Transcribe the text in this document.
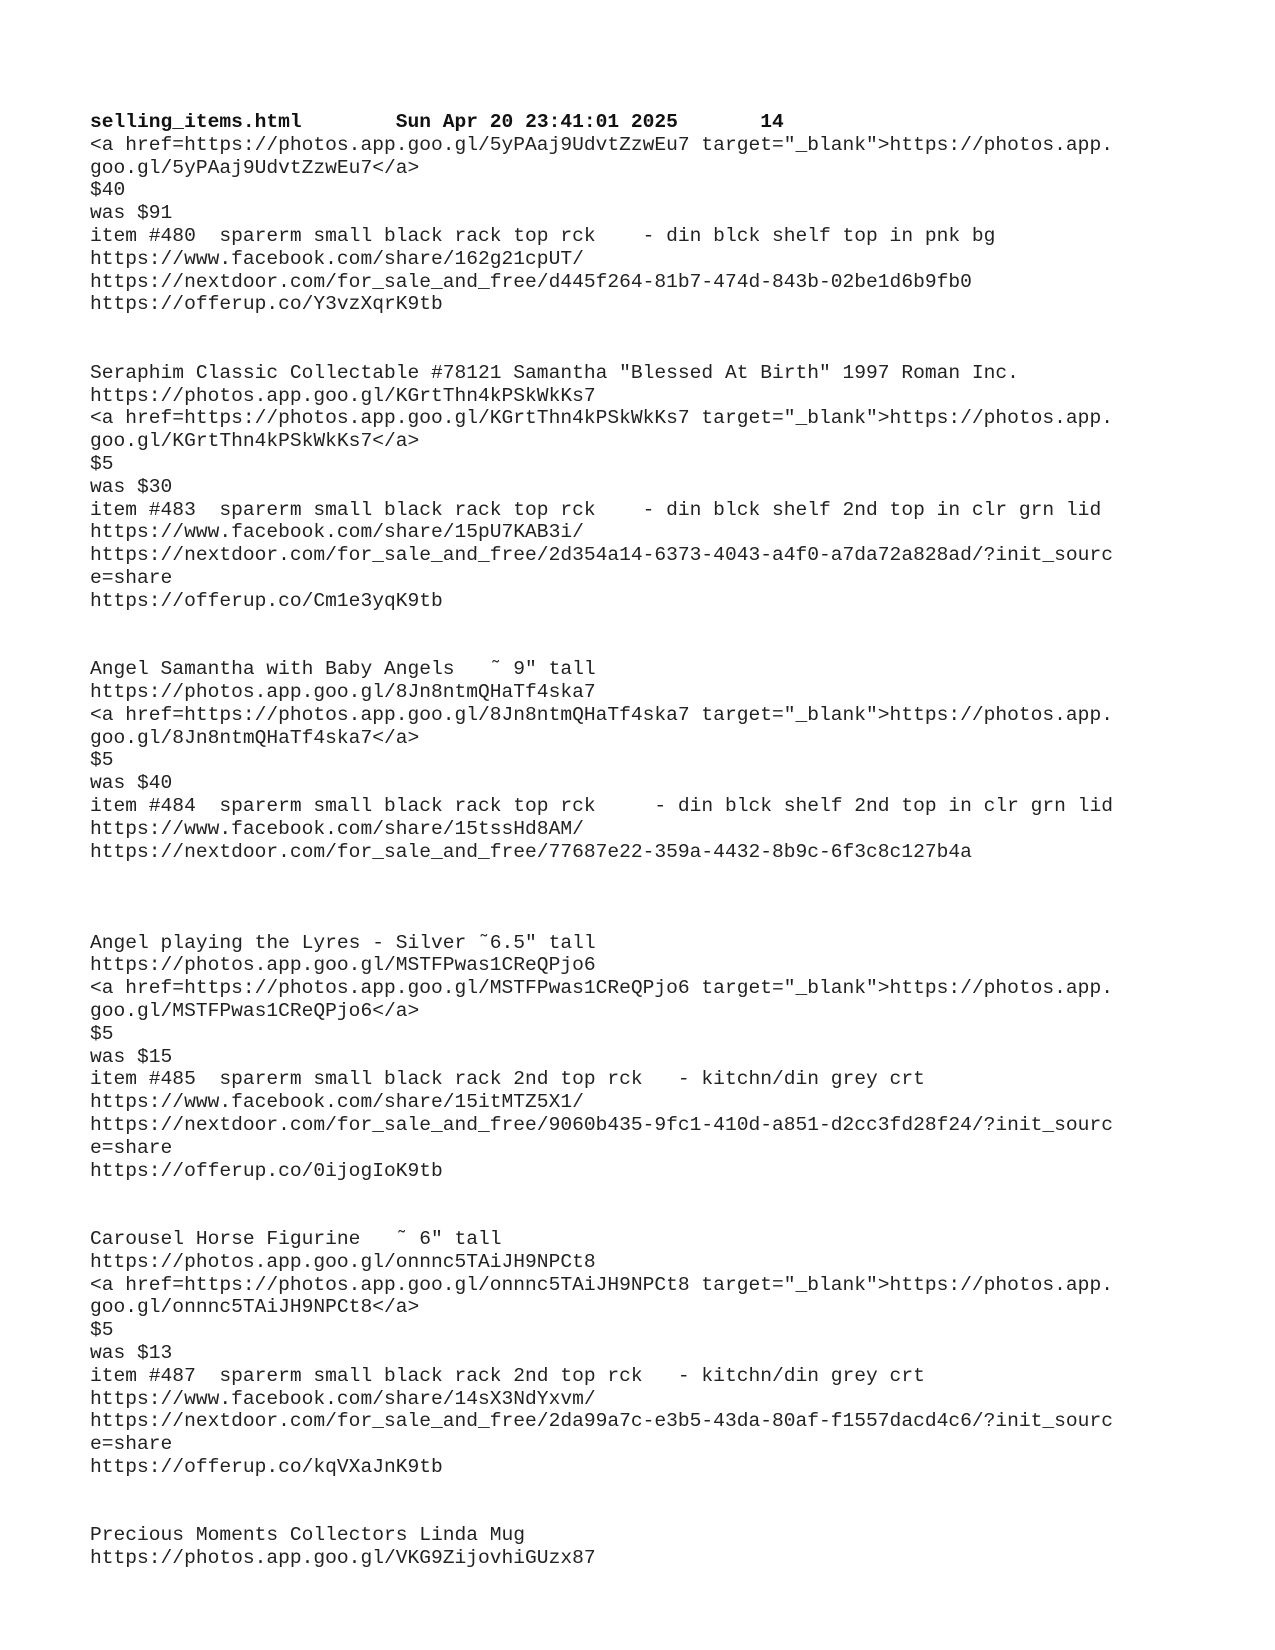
selling_items.html	Sun Apr 20 23:41:01 2025	14
<a href=https://photos.app.goo.gl/5yPAaj9UdvtZzwEu7 target="_blank">https://photos.app.
goo.gl/5yPAaj9UdvtZzwEu7</a>
$40
was $91
item #480  sparerm small black rack top rck    - din blck shelf top in pnk bg
https://www.facebook.com/share/162g21cpUT/
https://nextdoor.com/for_sale_and_free/d445f264-81b7-474d-843b-02be1d6b9fb0
https://offerup.co/Y3vzXqrK9tb
Seraphim Classic Collectable #78121 Samantha "Blessed At Birth" 1997 Roman Inc.
https://photos.app.goo.gl/KGrtThn4kPSkWkKs7
<a href=https://photos.app.goo.gl/KGrtThn4kPSkWkKs7 target="_blank">https://photos.app.
goo.gl/KGrtThn4kPSkWkKs7</a>
$5
was $30
item #483  sparerm small black rack top rck    - din blck shelf 2nd top in clr grn lid
https://www.facebook.com/share/15pU7KAB3i/
https://nextdoor.com/for_sale_and_free/2d354a14-6373-4043-a4f0-a7da72a828ad/?init_sourc
e=share
https://offerup.co/Cm1e3yqK9tb
Angel Samantha with Baby Angels   ˜ 9" tall
https://photos.app.goo.gl/8Jn8ntmQHaTf4ska7
<a href=https://photos.app.goo.gl/8Jn8ntmQHaTf4ska7 target="_blank">https://photos.app.
goo.gl/8Jn8ntmQHaTf4ska7</a>
$5
was $40
item #484  sparerm small black rack top rck     - din blck shelf 2nd top in clr grn lid
https://www.facebook.com/share/15tssHd8AM/
https://nextdoor.com/for_sale_and_free/77687e22-359a-4432-8b9c-6f3c8c127b4a
Angel playing the Lyres - Silver ˜6.5" tall
https://photos.app.goo.gl/MSTFPwas1CReQPjo6
<a href=https://photos.app.goo.gl/MSTFPwas1CReQPjo6 target="_blank">https://photos.app.
goo.gl/MSTFPwas1CReQPjo6</a>
$5
was $15
item #485  sparerm small black rack 2nd top rck   - kitchn/din grey crt
https://www.facebook.com/share/15itMTZ5X1/
https://nextdoor.com/for_sale_and_free/9060b435-9fc1-410d-a851-d2cc3fd28f24/?init_sourc
e=share
https://offerup.co/0ijogIoK9tb
Carousel Horse Figurine   ˜ 6" tall
https://photos.app.goo.gl/onnnc5TAiJH9NPCt8
<a href=https://photos.app.goo.gl/onnnc5TAiJH9NPCt8 target="_blank">https://photos.app.
goo.gl/onnnc5TAiJH9NPCt8</a>
$5
was $13
item #487  sparerm small black rack 2nd top rck   - kitchn/din grey crt
https://www.facebook.com/share/14sX3NdYxvm/
https://nextdoor.com/for_sale_and_free/2da99a7c-e3b5-43da-80af-f1557dacd4c6/?init_sourc
e=share
https://offerup.co/kqVXaJnK9tb
Precious Moments Collectors Linda Mug
https://photos.app.goo.gl/VKG9ZijovhiGUzx87
